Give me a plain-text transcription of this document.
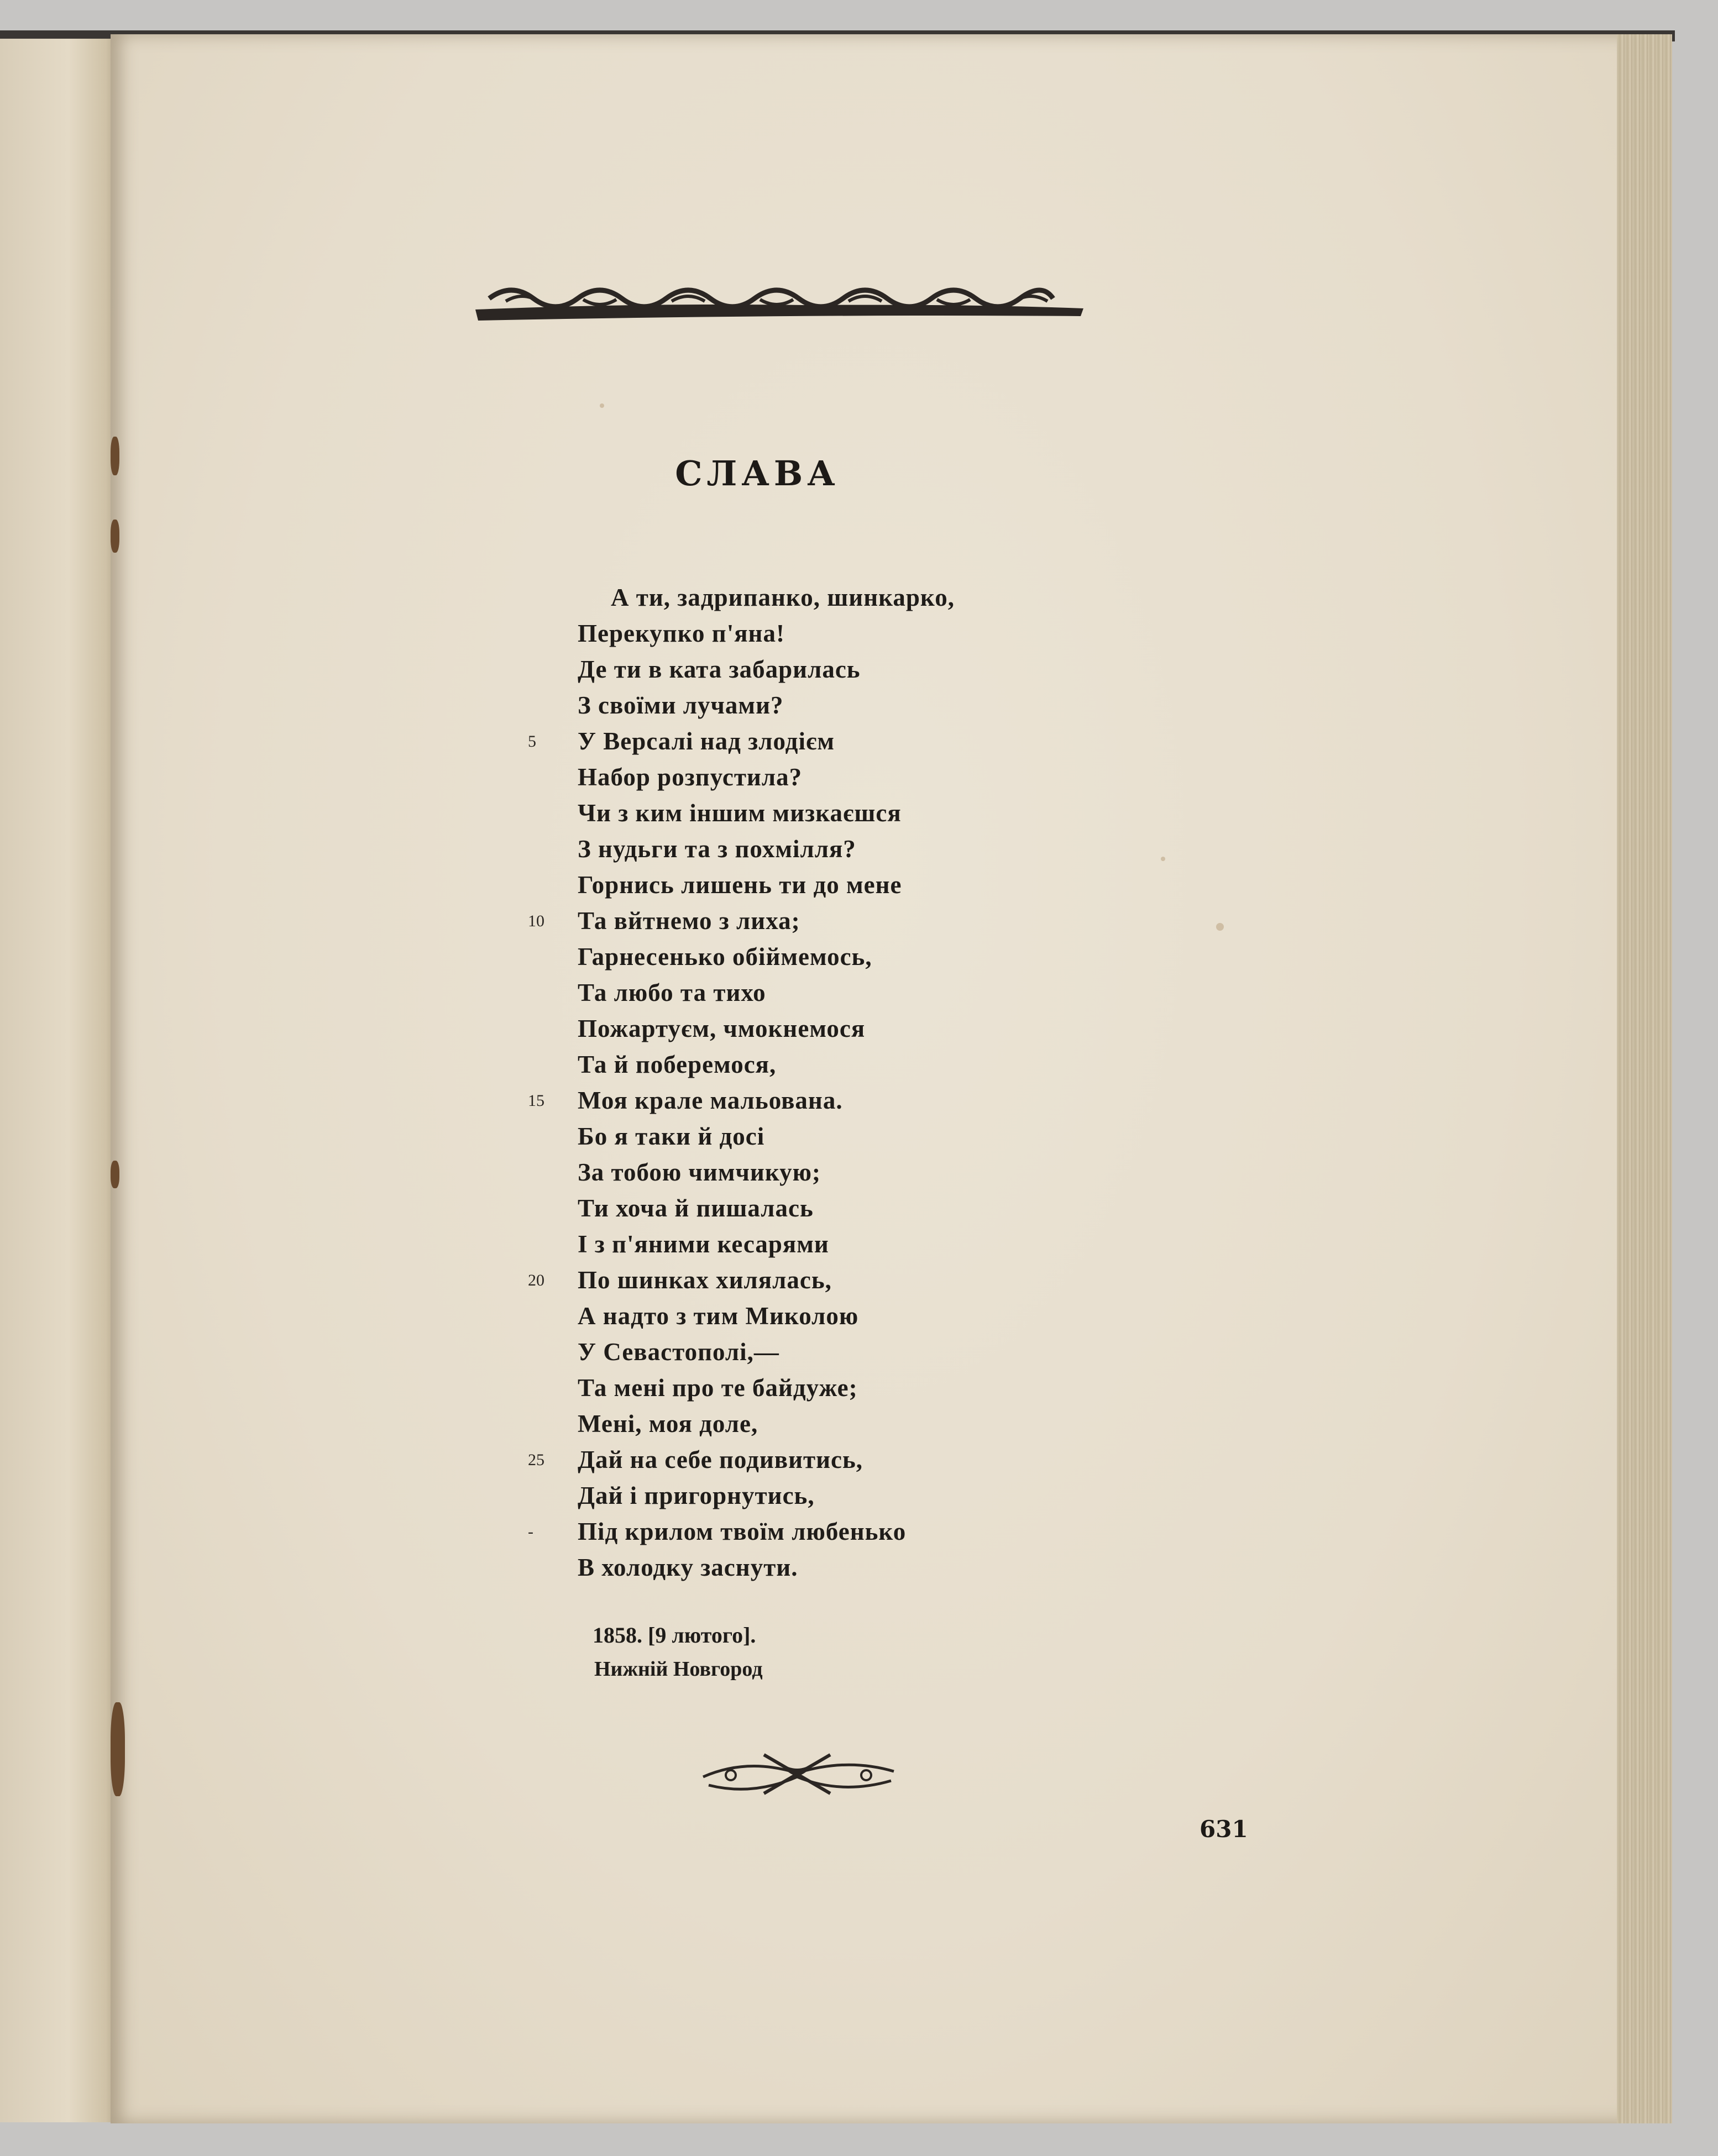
СЛАВА
А ти, задрипанко, шинкарко,
Перекупко п'яна!
Де ти в ката забарилась
З своїми лучами?
5	У Версалі над злодієм
Набор розпустила?
Чи з ким іншим мизкаєшся
З нудьги та з похмілля?
Горнись лишень ти до мене
10	Та вйтнемо з лиха;
Гарнесенько обіймемось,
Та любо та тихо
Пожартуєм, чмокнемося
Та й поберемося,
15	Моя крале мальована.
Бо я таки й досі
За тобою чимчикую;
Ти хоча й пишалась
І з п'яними кесарями
20	По шинках хилялась,
А надто з тим Миколою
У Севастополі,—
Та мені про те байдуже;
Мені, моя доле,
25	Дай на себе подивитись,
Дай і пригорнутись,
-	Під крилом твоїм любенько
В холодку заснути.
1858. [9 лютого].
Нижній Новгород
631
